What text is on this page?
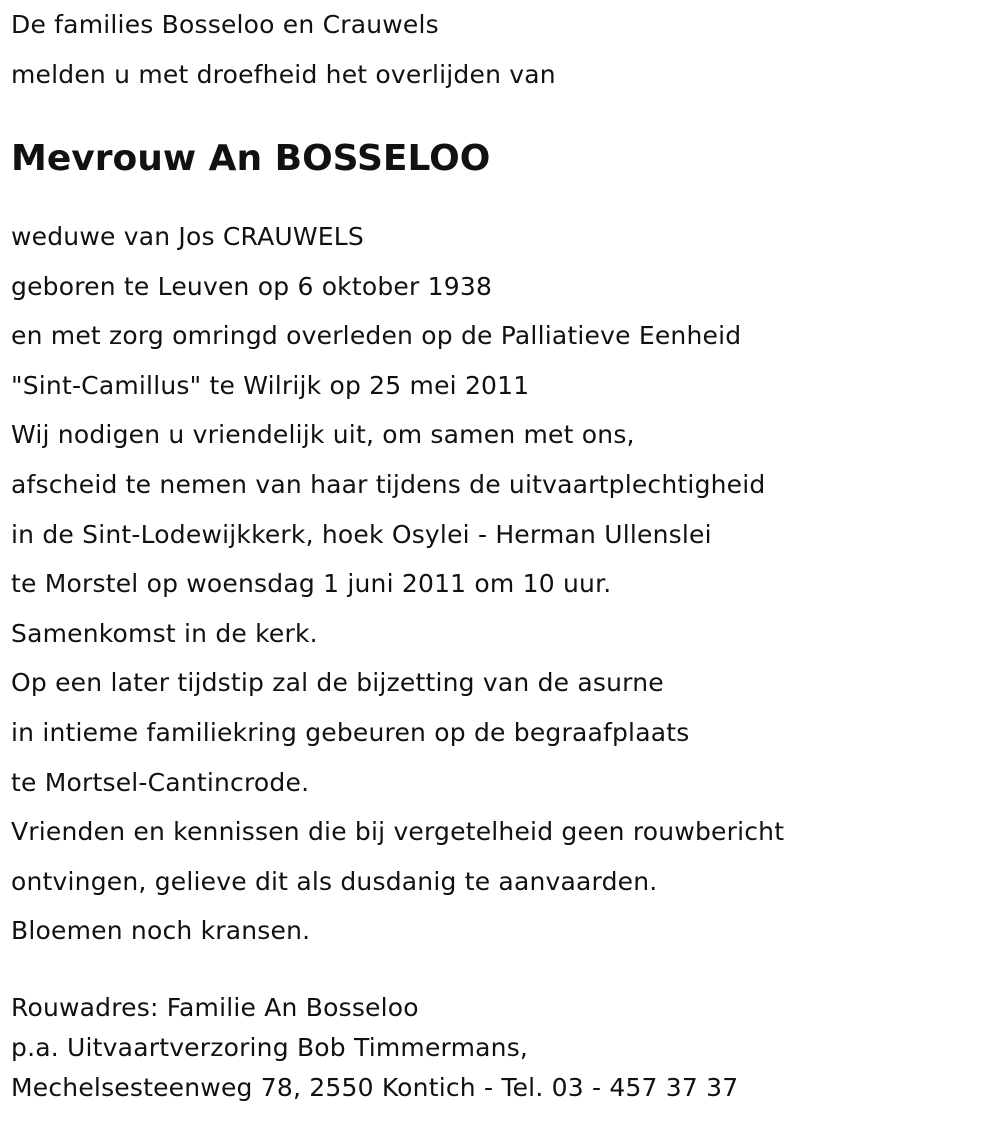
De families Bosseloo en Crauwels
melden u met droefheid het overlijden van
Mevrouw An BOSSELOO
weduwe van Jos CRAUWELS
geboren te Leuven op 6 oktober 1938
en met zorg omringd overleden op de Palliatieve Eenheid
"Sint-Camillus" te Wilrijk op 25 mei 2011
Wij nodigen u vriendelijk uit, om samen met ons,
afscheid te nemen van haar tijdens de uitvaartplechtigheid
in de Sint-Lodewijkkerk, hoek Osylei - Herman Ullenslei
te Morstel op woensdag 1 juni 2011 om 10 uur.
Samenkomst in de kerk.
Op een later tijdstip zal de bijzetting van de asurne
in intieme familiekring gebeuren op de begraafplaats
te Mortsel-Cantincrode.
Vrienden en kennissen die bij vergetelheid geen rouwbericht
ontvingen, gelieve dit als dusdanig te aanvaarden.
Bloemen noch kransen.
Rouwadres: Familie An Bosseloo
p.a. Uitvaartverzoring Bob Timmermans,
Mechelsesteenweg 78, 2550 Kontich - Tel. 03 - 457 37 37
